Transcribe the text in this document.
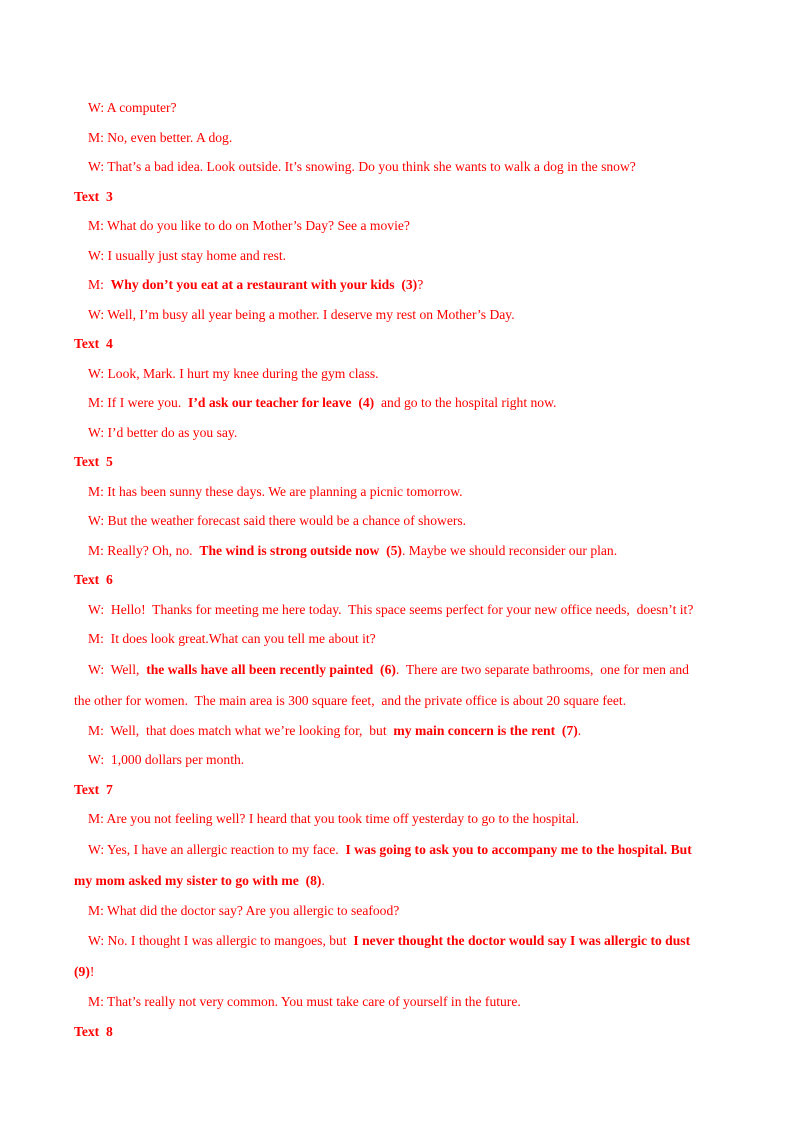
W: A computer?
M: No, even better. A dog.
W: That’s a bad idea. Look outside. It’s snowing. Do you think she wants to walk a dog in the snow?
Text  3
M: What do you like to do on Mother’s Day? See a movie?
W: I usually just stay home and rest.
M:  Why don’t you eat at a restaurant with your kids  (3)?
W: Well, I’m busy all year being a mother. I deserve my rest on Mother’s Day.
Text  4
W: Look, Mark. I hurt my knee during the gym class.
M: If I were you.  I’d ask our teacher for leave  (4)  and go to the hospital right now.
W: I’d better do as you say.
Text  5
M: It has been sunny these days. We are planning a picnic tomorrow.
W: But the weather forecast said there would be a chance of showers.
M: Really? Oh, no.  The wind is strong outside now  (5). Maybe we should reconsider our plan.
Text  6
W:  Hello!  Thanks for meeting me here today.  This space seems perfect for your new office needs,  doesn’t it?
M:  It does look great.What can you tell me about it?
W:  Well,  the walls have all been recently painted  (6).  There are two separate bathrooms,  one for men and
the other for women.  The main area is 300 square feet,  and the private office is about 20 square feet.
M:  Well,  that does match what we’re looking for,  but  my main concern is the rent  (7).
W:  1,000 dollars per month.
Text  7
M: Are you not feeling well? I heard that you took time off yesterday to go to the hospital.
W: Yes, I have an allergic reaction to my face.  I was going to ask you to accompany me to the hospital. But
my mom asked my sister to go with me  (8).
M: What did the doctor say? Are you allergic to seafood?
W: No. I thought I was allergic to mangoes, but  I never thought the doctor would say I was allergic to dust
(9)!
M: That’s really not very common. You must take care of yourself in the future.
Text  8
